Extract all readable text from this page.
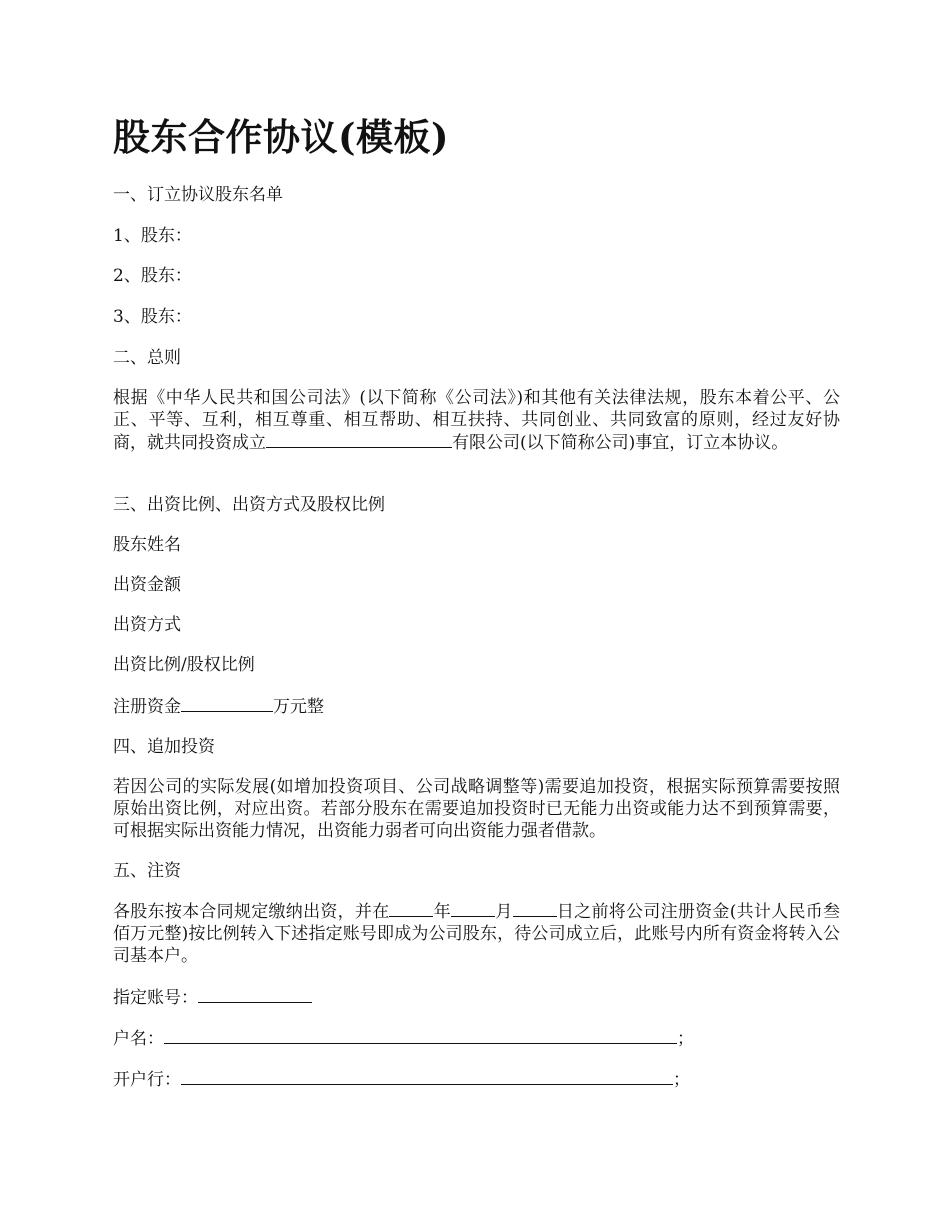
股东合作协议(模板)

一、订立协议股东名单

1、股东：

2、股东：

3、股东：

二、总则

根据《中华人民共和国公司法》(以下简称《公司法》)和其他有关法律法规，股东本着公平、公正、平等、互利，相互尊重、相互帮助、相互扶持、共同创业、共同致富的原则，经过友好协商，就共同投资成立	有限公司(以下简称公司)事宜，订立本协议。

三、出资比例、出资方式及股权比例

股东姓名

出资金额

出资方式

出资比例/股权比例

注册资金	万元整

四、追加投资

若因公司的实际发展(如增加投资项目、公司战略调整等)需要追加投资，根据实际预算需要按照原始出资比例，对应出资。若部分股东在需要追加投资时已无能力出资或能力达不到预算需要，可根据实际出资能力情况，出资能力弱者可向出资能力强者借款。

五、注资

各股东按本合同规定缴纳出资，并在	年	月	日之前将公司注册资金(共计人民币叁佰万元整)按比例转入下述指定账号即成为公司股东，待公司成立后，此账号内所有资金将转入公司基本户。

指定账号：

户名：	；

开户行：	；
